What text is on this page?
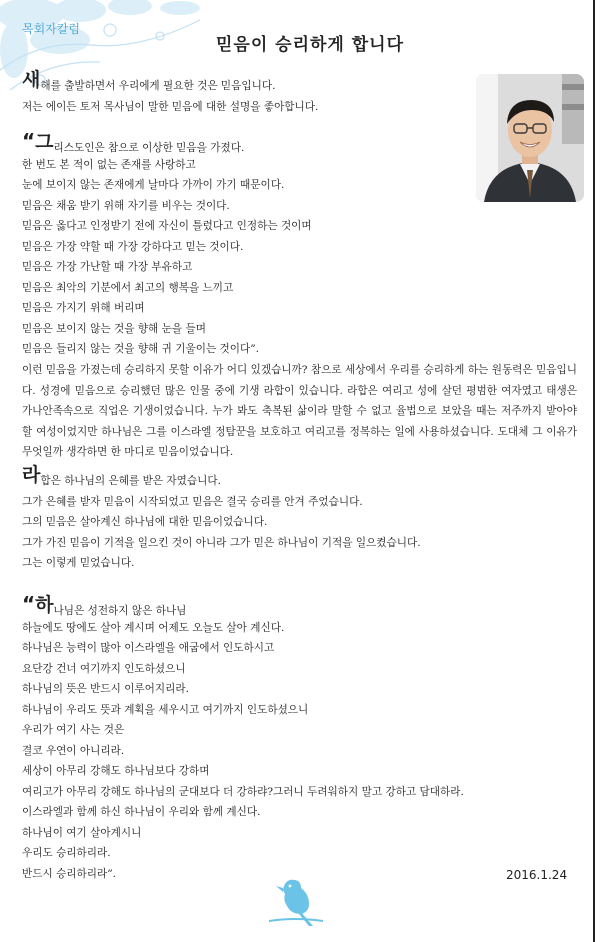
목회자칼럼
믿음이 승리하게 합니다
새해를 출발하면서 우리에게 필요한 것은 믿음입니다.
저는 에이든 토저 목사님이 말한 믿음에 대한 설명을 좋아합니다.
“그리스도인은 참으로 이상한 믿음을 가졌다.
한 번도 본 적이 없는 존재를 사랑하고
눈에 보이지 않는 존재에게 날마다 가까이 가기 때문이다.
믿음은 채움 받기 위해 자기를 비우는 것이다.
믿음은 옳다고 인정받기 전에 자신이 틀렸다고 인정하는 것이며
믿음은 가장 약할 때 가장 강하다고 믿는 것이다.
믿음은 가장 가난할 때 가장 부유하고
믿음은 최악의 기분에서 최고의 행복을 느끼고
믿음은 가지기 위해 버리며
믿음은 보이지 않는 것을 향해 눈을 들며
믿음은 들리지 않는 것을 향해 귀 기울이는 것이다”.
이런 믿음을 가졌는데 승리하지 못할 이유가 어디 있겠습니까? 참으로 세상에서 우리를 승리하게 하는 원동력은 믿음입니다. 성경에 믿음으로 승리했던 많은 인물 중에 기생 라합이 있습니다. 라합은 여리고 성에 살던 평범한 여자였고 태생은 가나안족속으로 직업은 기생이었습니다. 누가 봐도 축복된 삶이라 말할 수 없고 율법으로 보았을 때는 저주까지 받아야 할 여성이었지만 하나님은 그를 이스라엘 정탐꾼을 보호하고 여리고를 정복하는 일에 사용하셨습니다. 도대체 그 이유가 무엇일까 생각하면 한 마디로 믿음이었습니다.
라합은 하나님의 은혜를 받은 자였습니다.
그가 은혜를 받자 믿음이 시작되었고 믿음은 결국 승리를 안겨 주었습니다.
그의 믿음은 살아계신 하나님에 대한 믿음이었습니다.
그가 가진 믿음이 기적을 일으킨 것이 아니라 그가 믿은 하나님이 기적을 일으켰습니다.
그는 이렇게 믿었습니다.
“하나님은 성전하지 않은 하나님
하늘에도 땅에도 살아 계시며 어제도 오늘도 살아 계신다.
하나님은 능력이 많아 이스라엘을 애굽에서 인도하시고
요단강 건너 여기까지 인도하셨으니
하나님의 뜻은 반드시 이루어지리라.
하나님이 우리도 뜻과 계획을 세우시고 여기까지 인도하셨으니
우리가 여기 사는 것은
결코 우연이 아니리라.
세상이 아무리 강해도 하나님보다 강하며
여리고가 아무리 강해도 하나님의 군대보다 더 강하랴?그러니 두려워하지 말고 강하고 담대하라.
이스라엘과 함께 하신 하나님이 우리와 함께 계신다.
하나님이 여기 살아계시니
우리도 승리하리라.
반드시 승리하리라”.	2016.1.24
